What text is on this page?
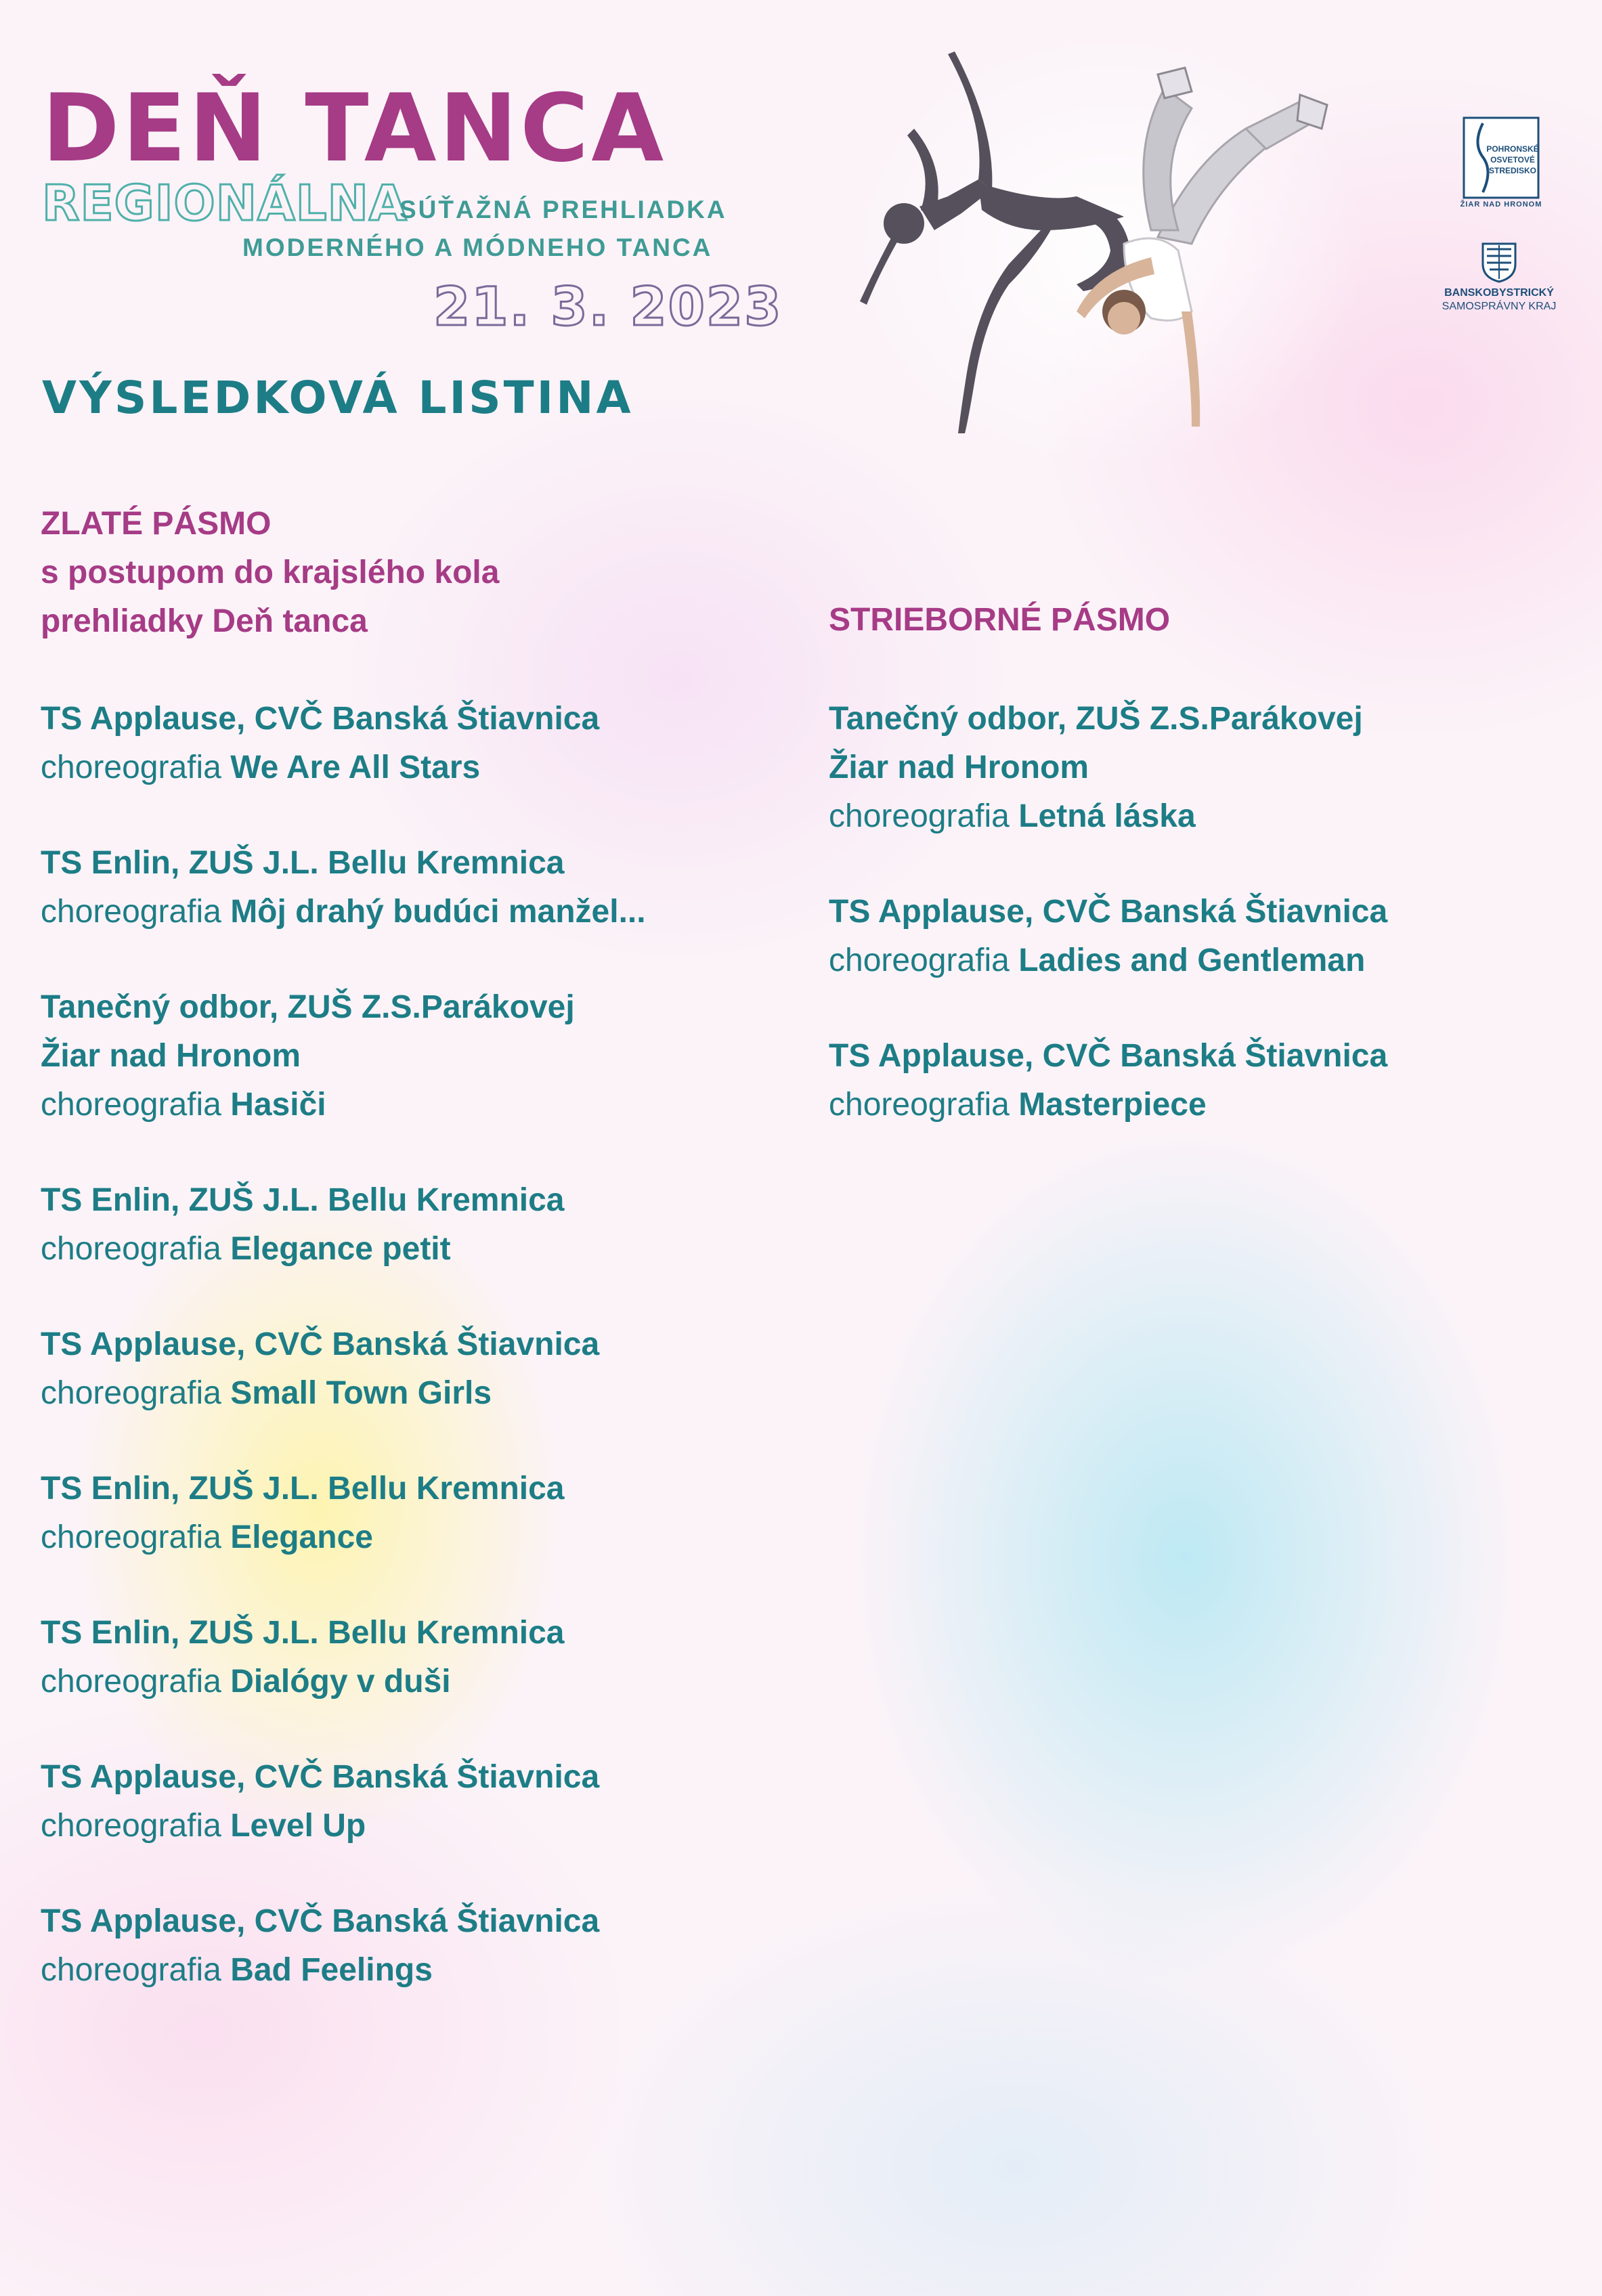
DEŇ TANCA
REGIONÁLNA
SÚŤAŽNÁ PREHLIADKA
MODERNÉHO A MÓDNEHO TANCA
21. 3. 2023
VÝSLEDKOVÁ LISTINA
POHRONSKÉ
OSVETOVÉ
STREDISKO
ŽIAR NAD HRONOM
BANSKOBYSTRICKÝ
SAMOSPRÁVNY KRAJ
ZLATÉ PÁSMO
s postupom do krajslého kola
prehliadky Deň tanca	STRIEBORNÉ PÁSMO
TS Applause, CVČ Banská Štiavnica
choreografia We Are All Stars
TS Enlin, ZUŠ J.L. Bellu Kremnica
choreografia Môj drahý budúci manžel...
Tanečný odbor, ZUŠ Z.S.Parákovej
Žiar nad Hronom
choreografia Hasiči
TS Enlin, ZUŠ J.L. Bellu Kremnica
choreografia Elegance petit
TS Applause, CVČ Banská Štiavnica
choreografia Small Town Girls
TS Enlin, ZUŠ J.L. Bellu Kremnica
choreografia Elegance
TS Enlin, ZUŠ J.L. Bellu Kremnica
choreografia Dialógy v duši
TS Applause, CVČ Banská Štiavnica
choreografia Level Up
TS Applause, CVČ Banská Štiavnica
choreografia Bad Feelings
Tanečný odbor, ZUŠ Z.S.Parákovej
Žiar nad Hronom
choreografia Letná láska
TS Applause, CVČ Banská Štiavnica
choreografia Ladies and Gentleman
TS Applause, CVČ Banská Štiavnica
choreografia Masterpiece
